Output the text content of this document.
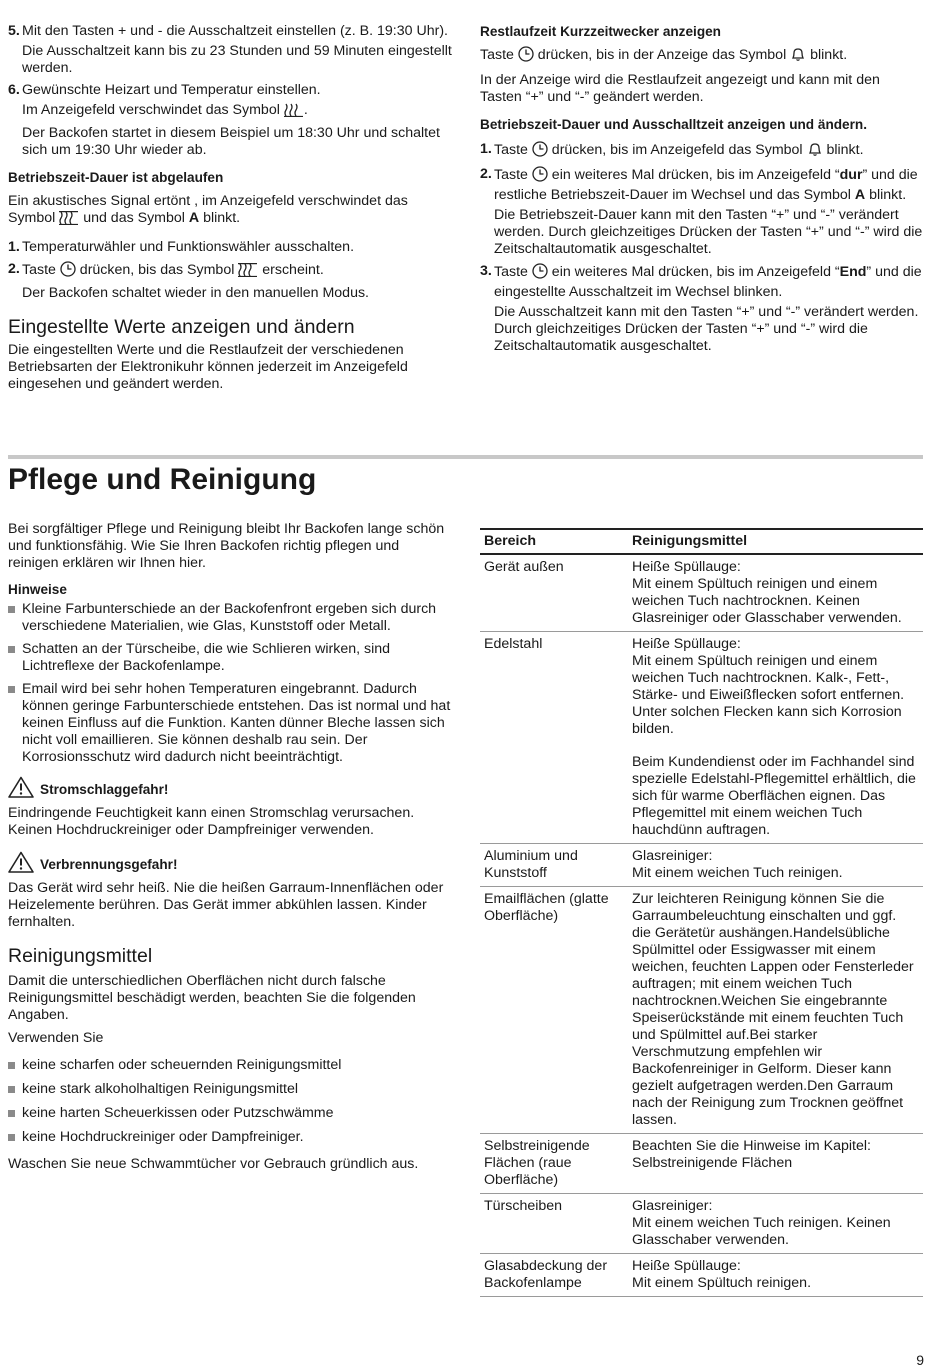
5. Mit den Tasten + und - die Ausschaltzeit einstellen (z. B. 19:30 Uhr).

Die Ausschaltzeit kann bis zu 23 Stunden und 59 Minuten eingestellt werden.

6. Gewünschte Heizart und Temperatur einstellen.

Im Anzeigefeld verschwindet das Symbol .

Der Backofen startet in diesem Beispiel um 18:30 Uhr und schaltet sich um 19:30 Uhr wieder ab.

Betriebszeit-Dauer ist abgelaufen

Ein akustisches Signal ertönt , im Anzeigefeld verschwindet das Symbol  und das Symbol A blinkt.

1. Temperaturwähler und Funktionswähler ausschalten.

2. Taste  drücken, bis das Symbol  erscheint.

Der Backofen schaltet wieder in den manuellen Modus.

Eingestellte Werte anzeigen und ändern

Die eingestellten Werte und die Restlaufzeit der verschiedenen Betriebsarten der Elektronikuhr können jederzeit im Anzeigefeld eingesehen und geändert werden.

Restlaufzeit Kurzzeitwecker anzeigen

Taste  drücken, bis in der Anzeige das Symbol  blinkt.

In der Anzeige wird die Restlaufzeit angezeigt und kann mit den Tasten “+” und “-” geändert werden.

Betriebszeit-Dauer und Ausschalltzeit anzeigen und ändern.

1. Taste  drücken, bis im Anzeigefeld das Symbol  blinkt.

2. Taste  ein weiteres Mal drücken, bis im Anzeigefeld “dur” und die restliche Betriebszeit-Dauer im Wechsel und das Symbol A blinkt.

Die Betriebszeit-Dauer kann mit den Tasten “+” und “-” verändert werden. Durch gleichzeitiges Drücken der Tasten “+” und “-” wird die Zeitschaltautomatik ausgeschaltet.

3. Taste  ein weiteres Mal drücken, bis im Anzeigefeld “End” und die eingestellte Ausschaltzeit im Wechsel blinken.

Die Ausschaltzeit kann mit den Tasten “+” und “-” verändert werden. Durch gleichzeitiges Drücken der Tasten “+” und “-” wird die Zeitschaltautomatik ausgeschaltet.

Pflege und Reinigung

Bei sorgfältiger Pflege und Reinigung bleibt Ihr Backofen lange schön und funktionsfähig. Wie Sie Ihren Backofen richtig pflegen und reinigen erklären wir Ihnen hier.

Hinweise

Kleine Farbunterschiede an der Backofenfront ergeben sich durch verschiedene Materialien, wie Glas, Kunststoff oder Metall.

Schatten an der Türscheibe, die wie Schlieren wirken, sind Lichtreflexe der Backofenlampe.

Email wird bei sehr hohen Temperaturen eingebrannt. Dadurch können geringe Farbunterschiede entstehen. Das ist normal und hat keinen Einfluss auf die Funktion. Kanten dünner Bleche lassen sich nicht voll emaillieren. Sie können deshalb rau sein. Der Korrosionsschutz wird dadurch nicht beeinträchtigt.

Stromschlaggefahr!

Eindringende Feuchtigkeit kann einen Stromschlag verursachen. Keinen Hochdruckreiniger oder Dampfreiniger verwenden.

Verbrennungsgefahr!

Das Gerät wird sehr heiß. Nie die heißen Garraum-Innenflächen oder Heizelemente berühren. Das Gerät immer abkühlen lassen. Kinder fernhalten.

Reinigungsmittel

Damit die unterschiedlichen Oberflächen nicht durch falsche Reinigungsmittel beschädigt werden, beachten Sie die folgenden Angaben.

Verwenden Sie

keine scharfen oder scheuernden Reinigungsmittel

keine stark alkoholhaltigen Reinigungsmittel

keine harten Scheuerkissen oder Putzschwämme

keine Hochdruckreiniger oder Dampfreiniger.

Waschen Sie neue Schwammtücher vor Gebrauch gründlich aus.

Bereich	Reinigungsmittel
Gerät außen	Heiße Spüllauge:
Mit einem Spültuch reinigen und einem weichen Tuch nachtrocknen. Keinen Glasreiniger oder Glasschaber verwenden.

Edelstahl	Heiße Spüllauge:
Mit einem Spültuch reinigen und einem weichen Tuch nachtrocknen. Kalk-, Fett-, Stärke- und Eiweißflecken sofort entfernen. Unter solchen Flecken kann sich Korrosion bilden.

Beim Kundendienst oder im Fachhandel sind spezielle Edelstahl-Pflegemittel erhältlich, die sich für warme Oberflächen eignen. Das Pflegemittel mit einem weichen Tuch hauchdünn auftragen.

Aluminium und Kunststoff	Glasreiniger:
Mit einem weichen Tuch reinigen.

Emailflächen (glatte Oberfläche)	Zur leichteren Reinigung können Sie die Garraumbeleuchtung einschalten und ggf. die Gerätetür aushängen.Handelsübliche Spülmittel oder Essigwasser mit einem weichen, feuchten Lappen oder Fensterleder auftragen; mit einem weichen Tuch nachtrocknen.Weichen Sie eingebrannte Speiserückstände mit einem feuchten Tuch und Spülmittel auf.Bei starker Verschmutzung empfehlen wir Backofenreiniger in Gelform. Dieser kann gezielt aufgetragen werden.Den Garraum nach der Reinigung zum Trocknen geöffnet lassen.

Selbstreinigende Flächen (raue Oberfläche)	Beachten Sie die Hinweise im Kapitel: Selbstreinigende Flächen

Türscheiben	Glasreiniger:
Mit einem weichen Tuch reinigen. Keinen Glasschaber verwenden.

Glasabdeckung der Backofenlampe	Heiße Spüllauge:
Mit einem Spültuch reinigen.

9
